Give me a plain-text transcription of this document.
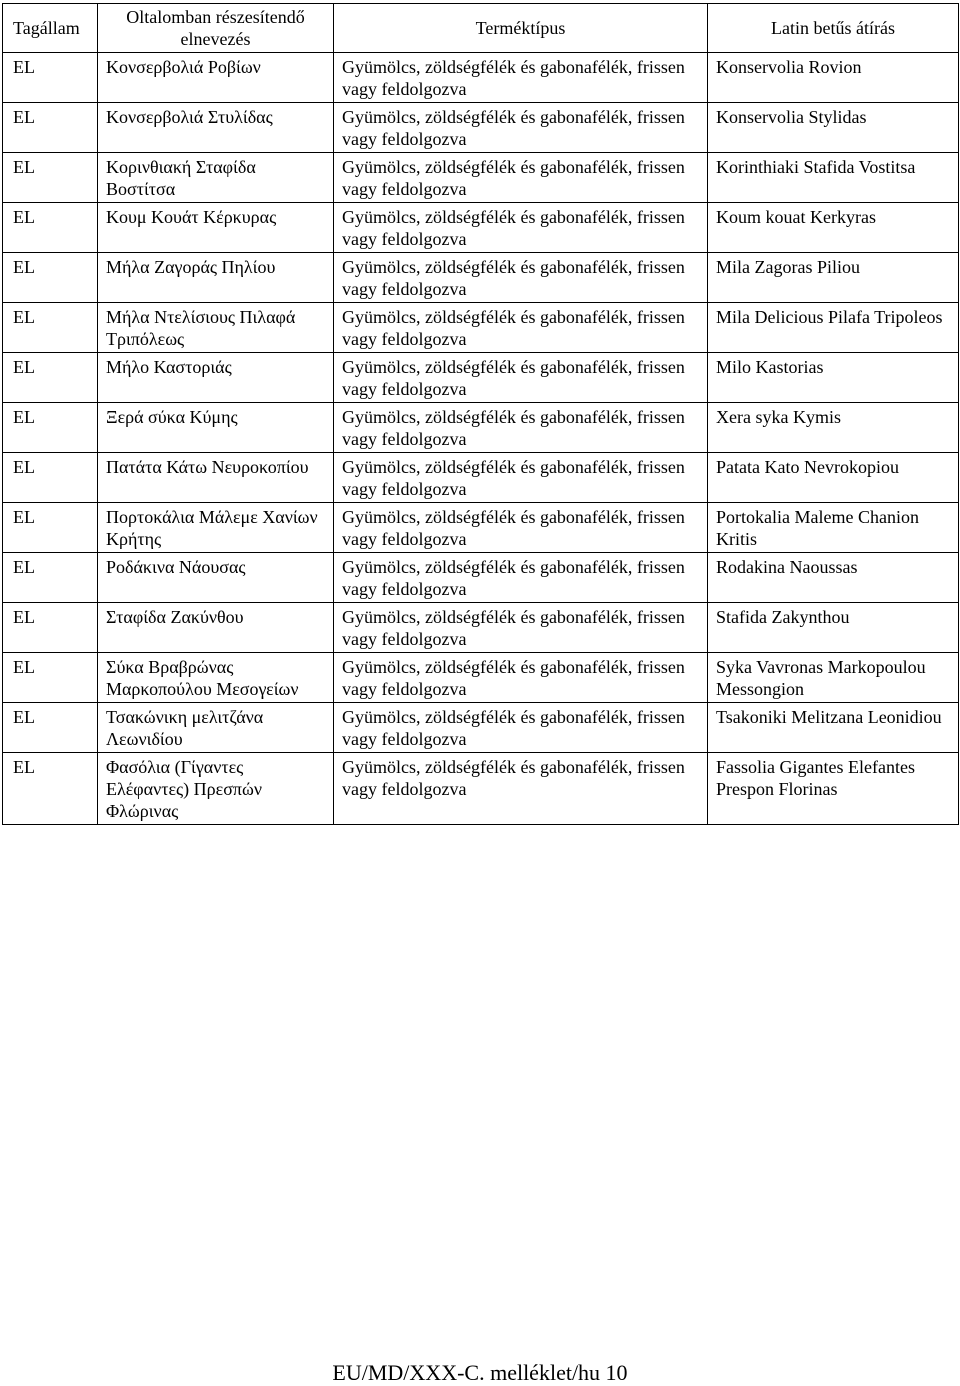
Tagállam	Oltalomban részesítendő elnevezés	Terméktípus	Latin betűs átírás
EL	Κονσερβολιά Ροβίων	Gyümölcs, zöldségfélék és gabonafélék, frissen vagy feldolgozva	Konservolia Rovion
EL	Κονσερβολιά Στυλίδας	Gyümölcs, zöldségfélék és gabonafélék, frissen vagy feldolgozva	Konservolia Stylidas
EL	Κορινθιακή Σταφίδα Βοστίτσα	Gyümölcs, zöldségfélék és gabonafélék, frissen vagy feldolgozva	Korinthiaki Stafida Vostitsa
EL	Κουμ Κουάτ Κέρκυρας	Gyümölcs, zöldségfélék és gabonafélék, frissen vagy feldolgozva	Koum kouat Kerkyras
EL	Μήλα Ζαγοράς Πηλίου	Gyümölcs, zöldségfélék és gabonafélék, frissen vagy feldolgozva	Mila Zagoras Piliou
EL	Μήλα Ντελίσιους Πιλαφά Τριπόλεως	Gyümölcs, zöldségfélék és gabonafélék, frissen vagy feldolgozva	Mila Delicious Pilafa Tripoleos
EL	Μήλο Καστοριάς	Gyümölcs, zöldségfélék és gabonafélék, frissen vagy feldolgozva	Milo Kastorias
EL	Ξερά σύκα Κύμης	Gyümölcs, zöldségfélék és gabonafélék, frissen vagy feldolgozva	Xera syka Kymis
EL	Πατάτα Κάτω Νευροκοπίου	Gyümölcs, zöldségfélék és gabonafélék, frissen vagy feldolgozva	Patata Kato Nevrokopiou
EL	Πορτοκάλια Μάλεμε Χανίων Κρήτης	Gyümölcs, zöldségfélék és gabonafélék, frissen vagy feldolgozva	Portokalia Maleme Chanion Kritis
EL	Ροδάκινα Νάουσας	Gyümölcs, zöldségfélék és gabonafélék, frissen vagy feldolgozva	Rodakina Naoussas
EL	Σταφίδα Ζακύνθου	Gyümölcs, zöldségfélék és gabonafélék, frissen vagy feldolgozva	Stafida Zakynthou
EL	Σύκα Βραβρώνας Μαρκοπούλου Μεσογείων	Gyümölcs, zöldségfélék és gabonafélék, frissen vagy feldolgozva	Syka Vavronas Markopoulou Messongion
EL	Τσακώνικη μελιτζάνα Λεωνιδίου	Gyümölcs, zöldségfélék és gabonafélék, frissen vagy feldolgozva	Tsakoniki Melitzana Leonidiou
EL	Φασόλια (Γίγαντες Ελέφαντες) Πρεσπών Φλώρινας	Gyümölcs, zöldségfélék és gabonafélék, frissen vagy feldolgozva	Fassolia Gigantes Elefantes Prespon Florinas
EU/MD/XXX-C. melléklet/hu 10
